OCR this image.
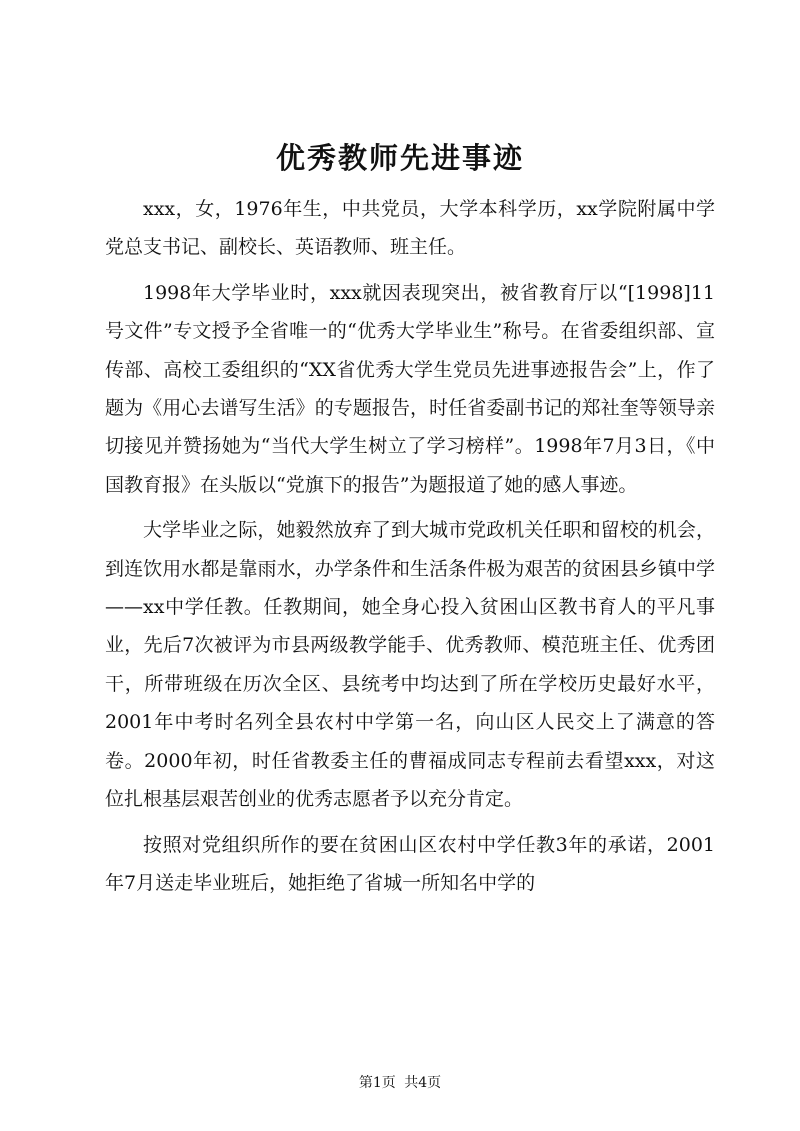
优秀教师先进事迹

xxx，女，1976年生，中共党员，大学本科学历，xx学院附属中学党总支书记、副校长、英语教师、班主任。

1998年大学毕业时，xxx就因表现突出，被省教育厅以“[1998]11号文件”专文授予全省唯一的“优秀大学毕业生”称号。在省委组织部、宣传部、高校工委组织的“XX省优秀大学生党员先进事迹报告会”上，作了题为《用心去谱写生活》的专题报告，时任省委副书记的郑社奎等领导亲切接见并赞扬她为“当代大学生树立了学习榜样”。1998年7月3日，《中国教育报》在头版以“党旗下的报告”为题报道了她的感人事迹。

大学毕业之际，她毅然放弃了到大城市党政机关任职和留校的机会，到连饮用水都是靠雨水，办学条件和生活条件极为艰苦的贫困县乡镇中学——xx中学任教。任教期间，她全身心投入贫困山区教书育人的平凡事业，先后7次被评为市县两级教学能手、优秀教师、模范班主任、优秀团干，所带班级在历次全区、县统考中均达到了所在学校历史最好水平，2001年中考时名列全县农村中学第一名，向山区人民交上了满意的答卷。2000年初，时任省教委主任的曹福成同志专程前去看望xxx，对这位扎根基层艰苦创业的优秀志愿者予以充分肯定。

按照对党组织所作的要在贫困山区农村中学任教3年的承诺，2001年7月送走毕业班后，她拒绝了省城一所知名中学的

第1页 共4页
